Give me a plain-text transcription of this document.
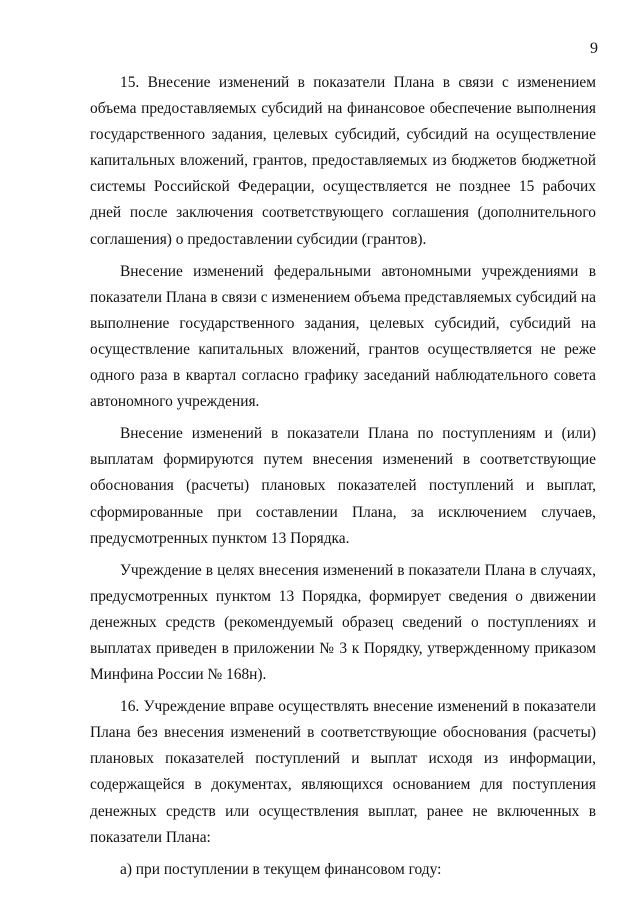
9

15. Внесение изменений в показатели Плана в связи с изменением объема предоставляемых субсидий на финансовое обеспечение выполнения государственного задания, целевых субсидий, субсидий на осуществление капитальных вложений, грантов, предоставляемых из бюджетов бюджетной системы Российской Федерации, осуществляется не позднее 15 рабочих дней после заключения соответствующего соглашения (дополнительного соглашения) о предоставлении субсидии (грантов).

Внесение изменений федеральными автономными учреждениями в показатели Плана в связи с изменением объема представляемых субсидий на выполнение государственного задания, целевых субсидий, субсидий на осуществление капитальных вложений, грантов осуществляется не реже одного раза в квартал согласно графику заседаний наблюдательного совета автономного учреждения.

Внесение изменений в показатели Плана по поступлениям и (или) выплатам формируются путем внесения изменений в соответствующие обоснования (расчеты) плановых показателей поступлений и выплат, сформированные при составлении Плана, за исключением случаев, предусмотренных пунктом 13 Порядка.

Учреждение в целях внесения изменений в показатели Плана в случаях, предусмотренных пунктом 13 Порядка, формирует сведения о движении денежных средств (рекомендуемый образец сведений о поступлениях и выплатах приведен в приложении № 3 к Порядку, утвержденному приказом Минфина России № 168н).

16. Учреждение вправе осуществлять внесение изменений в показатели Плана без внесения изменений в соответствующие обоснования (расчеты) плановых показателей поступлений и выплат исходя из информации, содержащейся в документах, являющихся основанием для поступления денежных средств или осуществления выплат, ранее не включенных в показатели Плана:

а) при поступлении в текущем финансовом году:
